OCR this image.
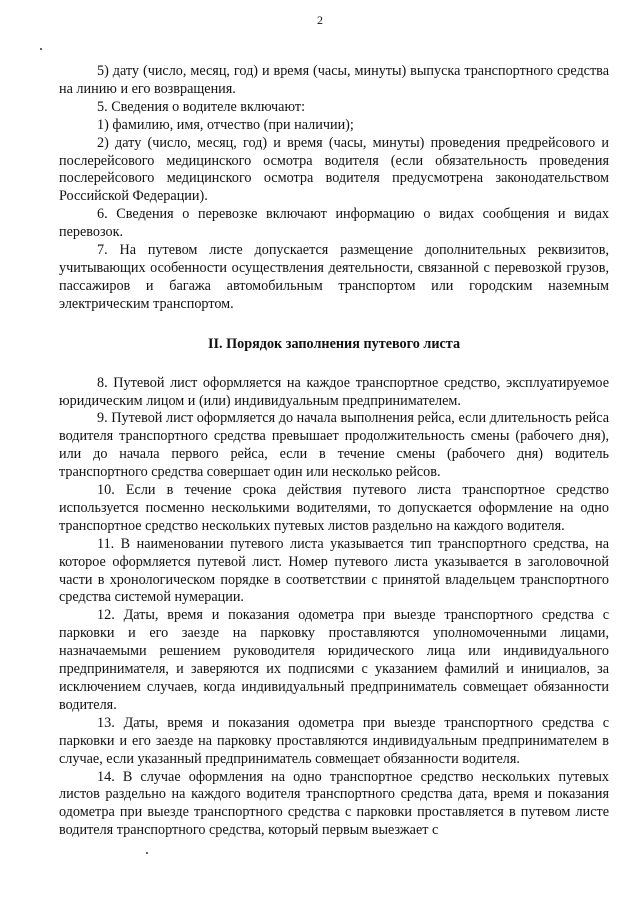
2

5) дату (число, месяц, год) и время (часы, минуты) выпуска транспортного средства на линию и его возвращения.

5. Сведения о водителе включают:

1) фамилию, имя, отчество (при наличии);

2) дату (число, месяц, год) и время (часы, минуты) проведения предрейсового и послерейсового медицинского осмотра водителя (если обязательность проведения послерейсового медицинского осмотра водителя предусмотрена законодательством Российской Федерации).

6. Сведения о перевозке включают информацию о видах сообщения и видах перевозок.

7. На путевом листе допускается размещение дополнительных реквизитов, учитывающих особенности осуществления деятельности, связанной с перевозкой грузов, пассажиров и багажа автомобильным транспортом или городским наземным электрическим транспортом.

II. Порядок заполнения путевого листа

8. Путевой лист оформляется на каждое транспортное средство, эксплуатируемое юридическим лицом и (или) индивидуальным предпринимателем.

9. Путевой лист оформляется до начала выполнения рейса, если длительность рейса водителя транспортного средства превышает продолжительность смены (рабочего дня), или до начала первого рейса, если в течение смены (рабочего дня) водитель транспортного средства совершает один или несколько рейсов.

10. Если в течение срока действия путевого листа транспортное средство используется посменно несколькими водителями, то допускается оформление на одно транспортное средство нескольких путевых листов раздельно на каждого водителя.

11. В наименовании путевого листа указывается тип транспортного средства, на которое оформляется путевой лист. Номер путевого листа указывается в заголовочной части в хронологическом порядке в соответствии с принятой владельцем транспортного средства системой нумерации.

12. Даты, время и показания одометра при выезде транспортного средства с парковки и его заезде на парковку проставляются уполномоченными лицами, назначаемыми решением руководителя юридического лица или индивидуального предпринимателя, и заверяются их подписями с указанием фамилий и инициалов, за исключением случаев, когда индивидуальный предприниматель совмещает обязанности водителя.

13. Даты, время и показания одометра при выезде транспортного средства с парковки и его заезде на парковку проставляются индивидуальным предпринимателем в случае, если указанный предприниматель совмещает обязанности водителя.

14. В случае оформления на одно транспортное средство нескольких путевых листов раздельно на каждого водителя транспортного средства дата, время и показания одометра при выезде транспортного средства с парковки проставляется в путевом листе водителя транспортного средства, который первым выезжает с
